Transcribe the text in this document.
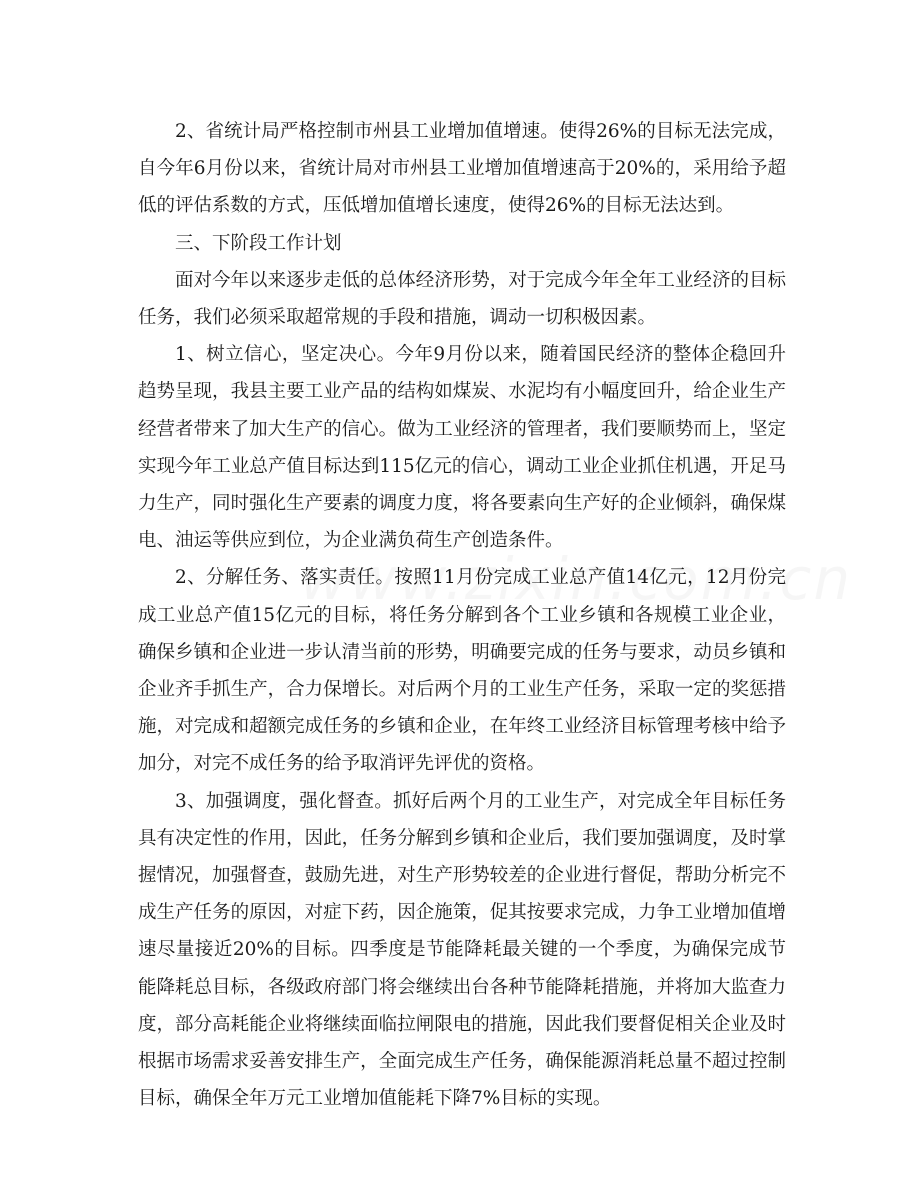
2、省统计局严格控制市州县工业增加值增速。使得26%的目标无法完成，自今年6月份以来，省统计局对市州县工业增加值增速高于20%的，采用给予超低的评估系数的方式，压低增加值增长速度，使得26%的目标无法达到。

三、下阶段工作计划

面对今年以来逐步走低的总体经济形势，对于完成今年全年工业经济的目标任务，我们必须采取超常规的手段和措施，调动一切积极因素。

1、树立信心，坚定决心。今年9月份以来，随着国民经济的整体企稳回升趋势呈现，我县主要工业产品的结构如煤炭、水泥均有小幅度回升，给企业生产经营者带来了加大生产的信心。做为工业经济的管理者，我们要顺势而上，坚定实现今年工业总产值目标达到115亿元的信心，调动工业企业抓住机遇，开足马力生产，同时强化生产要素的调度力度，将各要素向生产好的企业倾斜，确保煤电、油运等供应到位，为企业满负荷生产创造条件。

2、分解任务、落实责任。按照11月份完成工业总产值14亿元，12月份完成工业总产值15亿元的目标，将任务分解到各个工业乡镇和各规模工业企业，确保乡镇和企业进一步认清当前的形势，明确要完成的任务与要求，动员乡镇和企业齐手抓生产，合力保增长。对后两个月的工业生产任务，采取一定的奖惩措施，对完成和超额完成任务的乡镇和企业，在年终工业经济目标管理考核中给予加分，对完不成任务的给予取消评先评优的资格。

3、加强调度，强化督查。抓好后两个月的工业生产，对完成全年目标任务具有决定性的作用，因此，任务分解到乡镇和企业后，我们要加强调度，及时掌握情况，加强督查，鼓励先进，对生产形势较差的企业进行督促，帮助分析完不成生产任务的原因，对症下药，因企施策，促其按要求完成，力争工业增加值增速尽量接近20%的目标。四季度是节能降耗最关键的一个季度，为确保完成节能降耗总目标，各级政府部门将会继续出台各种节能降耗措施，并将加大监查力度，部分高耗能企业将继续面临拉闸限电的措施，因此我们要督促相关企业及时根据市场需求妥善安排生产，全面完成生产任务，确保能源消耗总量不超过控制目标，确保全年万元工业增加值能耗下降7%目标的实现。
